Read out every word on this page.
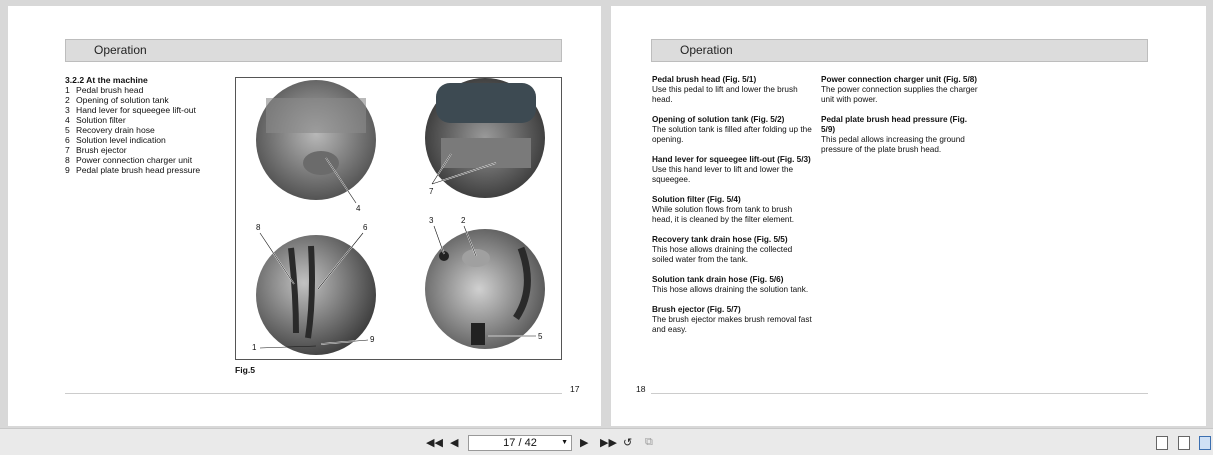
Operation
3.2.2 At the machine
1 Pedal brush head
2 Opening of solution tank
3 Hand lever for squeegee lift-out
4 Solution filter
5 Recovery drain hose
6 Solution level indication
7 Brush ejector
8 Power connection charger unit
9 Pedal plate brush head pressure
4
7
8	6
1
9
3	2
5
Fig.5
17
Operation
Pedal brush head (Fig. 5/1)
Use this pedal to lift and lower the brush head.
Opening of solution tank (Fig. 5/2)
The solution tank is filled after folding up the opening.
Hand lever for squeegee lift-out (Fig. 5/3)
Use this hand lever to lift and lower the squeegee.
Solution filter (Fig. 5/4)
While solution flows from tank to brush head, it is cleaned by the filter element.
Recovery tank drain hose (Fig. 5/5)
This hose allows draining the collected soiled water from the tank.
Solution tank drain hose (Fig. 5/6)
This hose allows draining the solution tank.
Brush ejector (Fig. 5/7)
The brush ejector makes brush removal fast and easy.
Power connection charger unit (Fig. 5/8)
The power connection supplies the charger unit with power.
Pedal plate brush head pressure (Fig. 5/9)
This pedal allows increasing the ground pressure of the plate brush head.
18
◀◀ ◀	17 / 42	▼ ▶ ▶▶ ↺ ⧉
